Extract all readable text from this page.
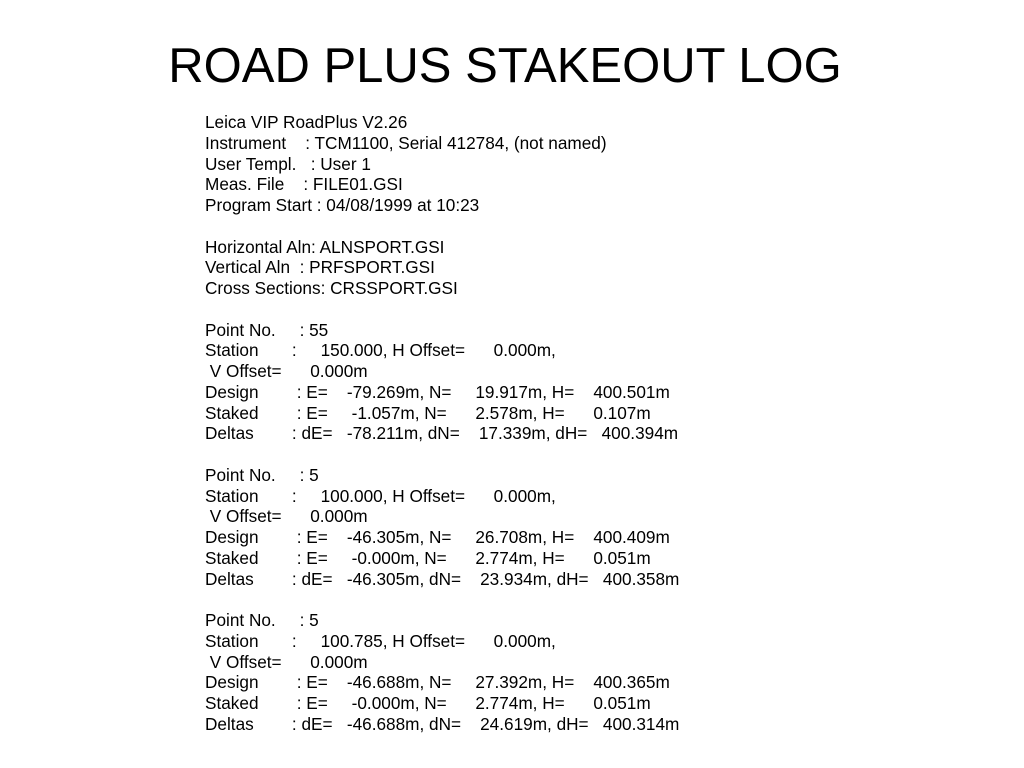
ROAD PLUS STAKEOUT LOG
Leica VIP RoadPlus V2.26
Instrument    : TCM1100, Serial 412784, (not named)
User Templ.   : User 1
Meas. File    : FILE01.GSI
Program Start : 04/08/1999 at 10:23
Horizontal Aln: ALNSPORT.GSI
Vertical Aln  : PRFSPORT.GSI
Cross Sections: CRSSPORT.GSI
Point No.     : 55
Station       :     150.000, H Offset=      0.000m,
V Offset=      0.000m
Design        : E=    -79.269m, N=     19.917m, H=    400.501m
Staked        : E=     -1.057m, N=      2.578m, H=      0.107m
Deltas        : dE=   -78.211m, dN=    17.339m, dH=   400.394m
Point No.     : 5
Station       :     100.000, H Offset=      0.000m,
V Offset=      0.000m
Design        : E=    -46.305m, N=     26.708m, H=    400.409m
Staked        : E=     -0.000m, N=      2.774m, H=      0.051m
Deltas        : dE=   -46.305m, dN=    23.934m, dH=   400.358m
Point No.     : 5
Station       :     100.785, H Offset=      0.000m,
V Offset=      0.000m
Design        : E=    -46.688m, N=     27.392m, H=    400.365m
Staked        : E=     -0.000m, N=      2.774m, H=      0.051m
Deltas        : dE=   -46.688m, dN=    24.619m, dH=   400.314m
